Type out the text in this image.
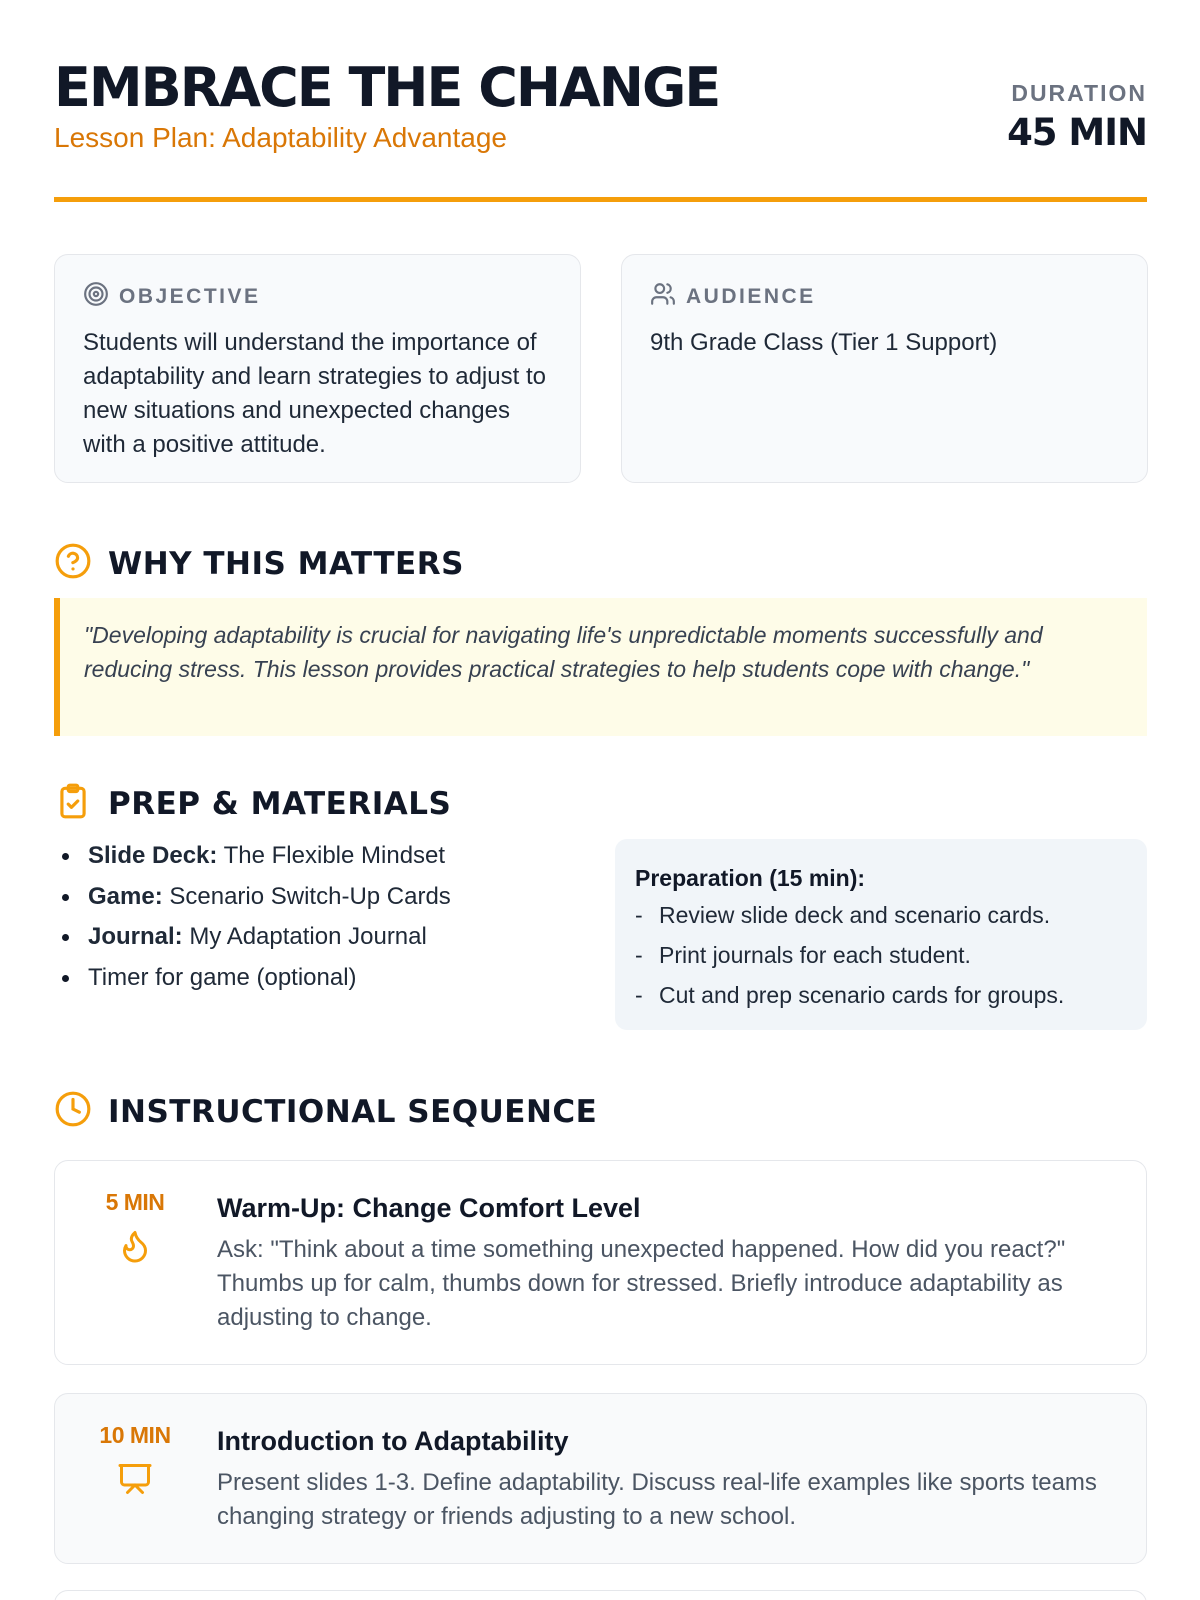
EMBRACE THE CHANGE
Lesson Plan: Adaptability Advantage
DURATION
45 MIN
OBJECTIVE
Students will understand the importance of adaptability and learn strategies to adjust to new situations and unexpected changes with a positive attitude.
AUDIENCE
9th Grade Class (Tier 1 Support)
WHY THIS MATTERS
"Developing adaptability is crucial for navigating life's unpredictable moments successfully and reducing stress. This lesson provides practical strategies to help students cope with change."
PREP & MATERIALS
Slide Deck: The Flexible Mindset
Game: Scenario Switch-Up Cards
Journal: My Adaptation Journal
Timer for game (optional)
Preparation (15 min):
- Review slide deck and scenario cards.
- Print journals for each student.
- Cut and prep scenario cards for groups.
INSTRUCTIONAL SEQUENCE
5 MIN	Warm-Up: Change Comfort Level
Ask: "Think about a time something unexpected happened. How did you react?" Thumbs up for calm, thumbs down for stressed. Briefly introduce adaptability as adjusting to change.
10 MIN	Introduction to Adaptability
Present slides 1-3. Define adaptability. Discuss real-life examples like sports teams changing strategy or friends adjusting to a new school.
